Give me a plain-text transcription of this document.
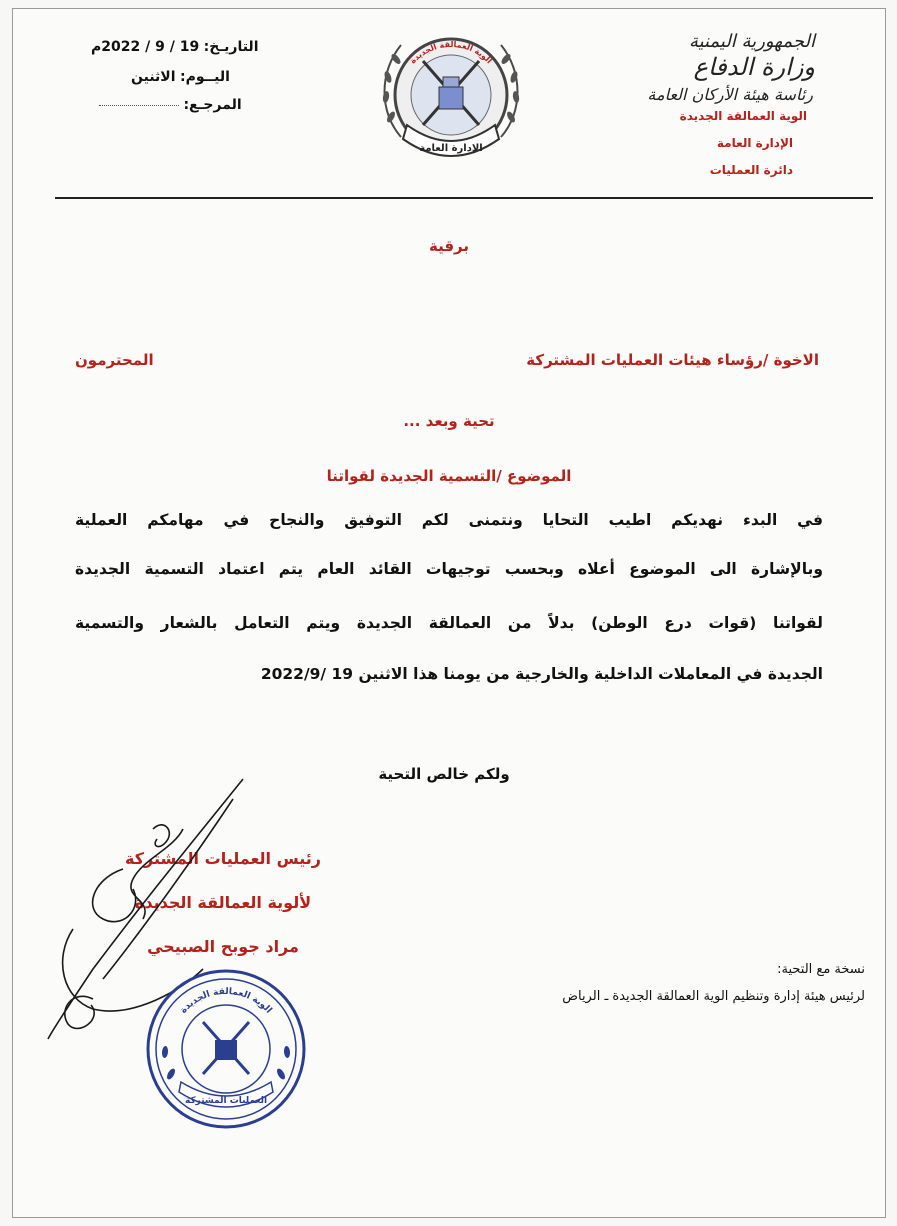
الجمهورية اليمنية
وزارة الدفاع
رئاسة هيئة الأركان العامة
الوية العمالقة الجديدة
الإدارة العامة
دائرة العمليات
الوية العمالقة الجديدة
الإدارة العامة
التاريـخ: 19 / 9 / 2022م
اليــوم: الاثنين
المرجـع:
برقية
الاخوة /رؤساء هيئات العمليات المشتركة
المحترمون
تحية وبعد ...
الموضوع /التسمية الجديدة لقواتنا
في البدء نهديكم اطيب التحايا ونتمنى لكم التوفيق والنجاح في مهامكم العملية
وبالإشارة الى الموضوع أعلاه وبحسب توجيهات القائد العام يتم اعتماد التسمية الجديدة
لقواتنا (قوات درع الوطن) بدلاً من العمالقة الجديدة ويتم التعامل بالشعار والتسمية
الجديدة في المعاملات الداخلية والخارجية من يومنا هذا الاثنين 19 /2022/9
ولكم خالص التحية
رئيس العمليات المشتركة
لألوية العمالقة الجديدة
مراد جوبح الصبيحي
الوية العمالقة الجديدة
العمليات المشتركة
نسخة مع التحية:
لرئيس هيئة إدارة وتنظيم الوية العمالقة الجديدة ـ الرياض
